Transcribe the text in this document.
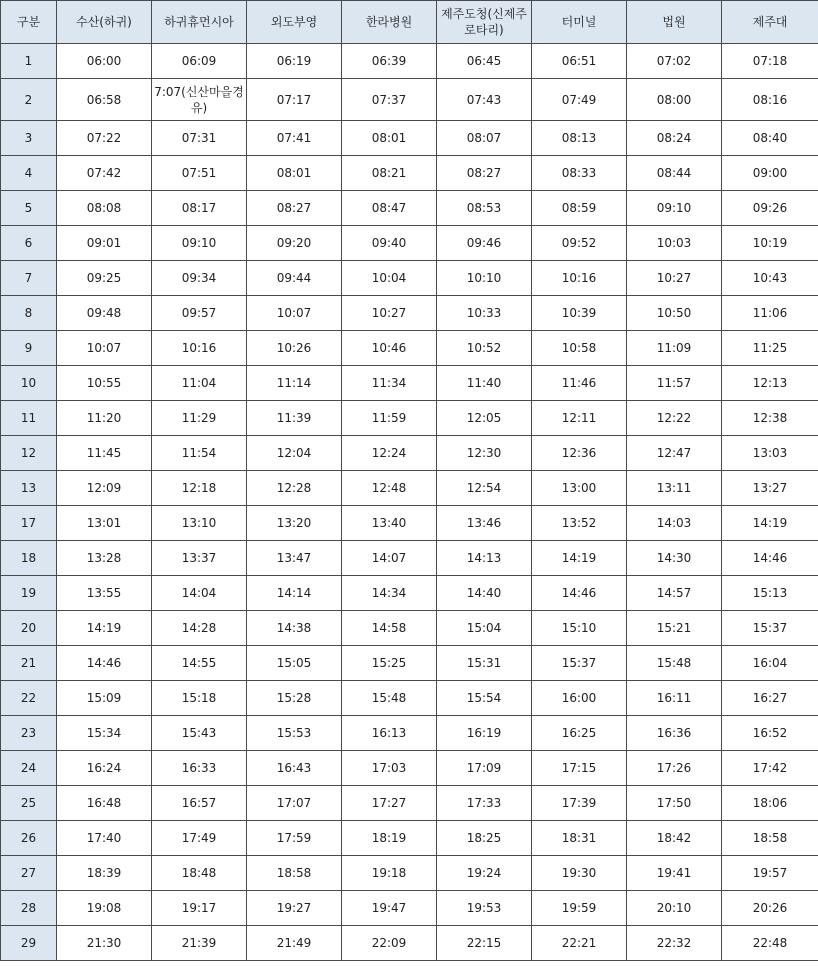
구분	수산(하귀)	하귀휴먼시아	외도부영	한라병원	제주도청(신제주로타리)	터미널	법원	제주대
1	06:00	06:09	06:19	06:39	06:45	06:51	07:02	07:18
2	06:58	7:07(신산마을경유)	07:17	07:37	07:43	07:49	08:00	08:16
3	07:22	07:31	07:41	08:01	08:07	08:13	08:24	08:40
4	07:42	07:51	08:01	08:21	08:27	08:33	08:44	09:00
5	08:08	08:17	08:27	08:47	08:53	08:59	09:10	09:26
6	09:01	09:10	09:20	09:40	09:46	09:52	10:03	10:19
7	09:25	09:34	09:44	10:04	10:10	10:16	10:27	10:43
8	09:48	09:57	10:07	10:27	10:33	10:39	10:50	11:06
9	10:07	10:16	10:26	10:46	10:52	10:58	11:09	11:25
10	10:55	11:04	11:14	11:34	11:40	11:46	11:57	12:13
11	11:20	11:29	11:39	11:59	12:05	12:11	12:22	12:38
12	11:45	11:54	12:04	12:24	12:30	12:36	12:47	13:03
13	12:09	12:18	12:28	12:48	12:54	13:00	13:11	13:27
17	13:01	13:10	13:20	13:40	13:46	13:52	14:03	14:19
18	13:28	13:37	13:47	14:07	14:13	14:19	14:30	14:46
19	13:55	14:04	14:14	14:34	14:40	14:46	14:57	15:13
20	14:19	14:28	14:38	14:58	15:04	15:10	15:21	15:37
21	14:46	14:55	15:05	15:25	15:31	15:37	15:48	16:04
22	15:09	15:18	15:28	15:48	15:54	16:00	16:11	16:27
23	15:34	15:43	15:53	16:13	16:19	16:25	16:36	16:52
24	16:24	16:33	16:43	17:03	17:09	17:15	17:26	17:42
25	16:48	16:57	17:07	17:27	17:33	17:39	17:50	18:06
26	17:40	17:49	17:59	18:19	18:25	18:31	18:42	18:58
27	18:39	18:48	18:58	19:18	19:24	19:30	19:41	19:57
28	19:08	19:17	19:27	19:47	19:53	19:59	20:10	20:26
29	21:30	21:39	21:49	22:09	22:15	22:21	22:32	22:48
